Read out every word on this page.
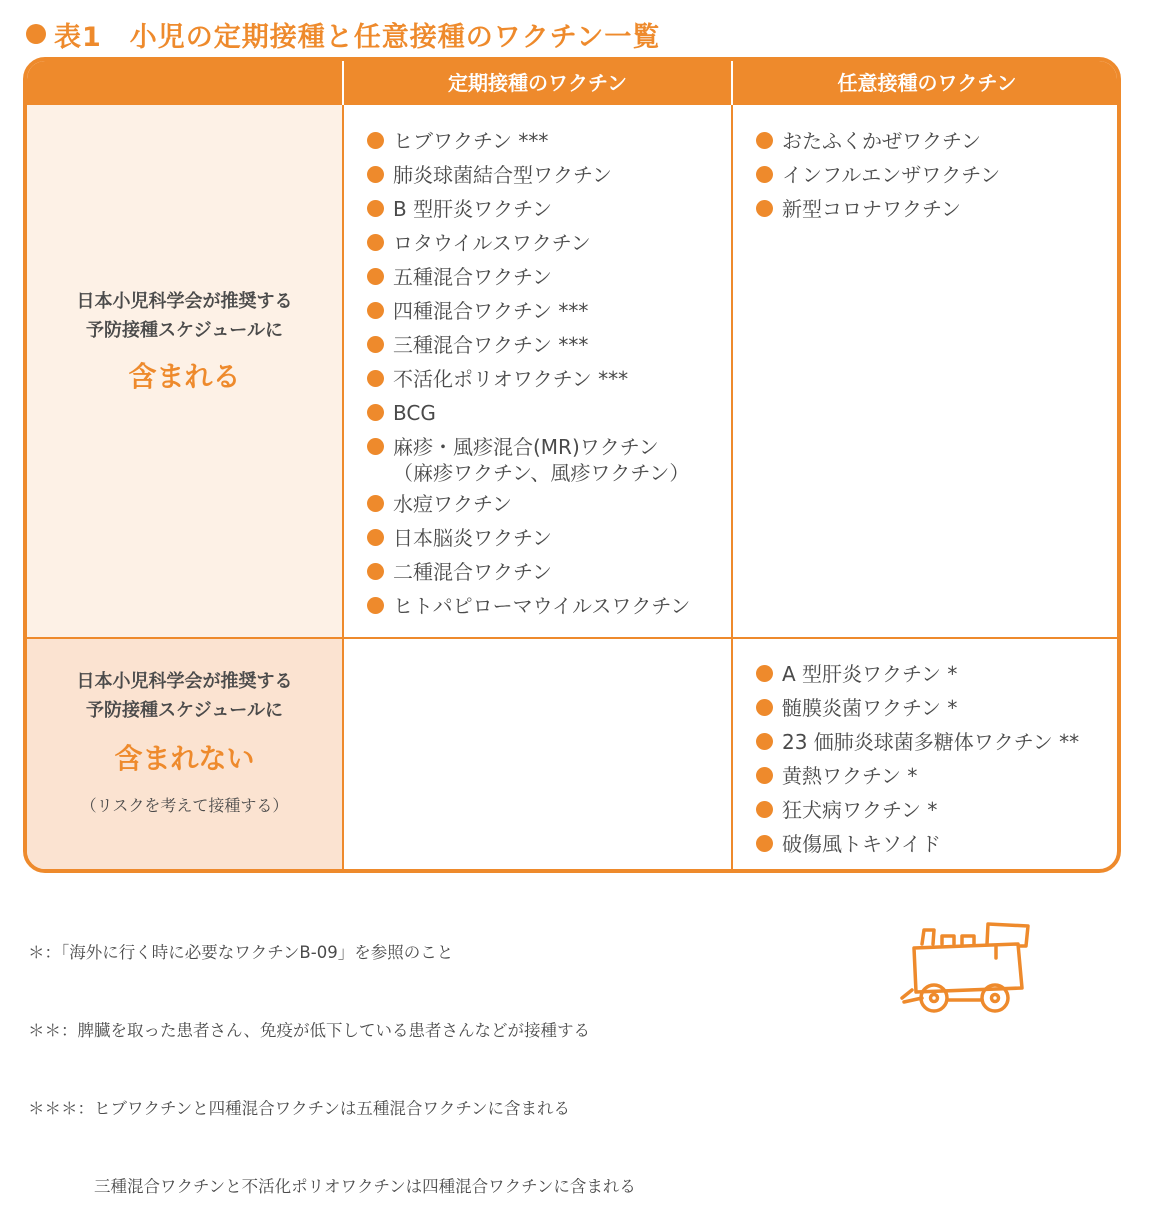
表1　小児の定期接種と任意接種のワクチン一覧
定期接種のワクチン	任意接種のワクチン
日本小児科学会が推奨する
予防接種スケジュールに
含まれる
日本小児科学会が推奨する
予防接種スケジュールに
含まれない
（リスクを考えて接種する）
ヒブワクチン ***
肺炎球菌結合型ワクチン
B 型肝炎ワクチン
ロタウイルスワクチン
五種混合ワクチン
四種混合ワクチン ***
三種混合ワクチン ***
不活化ポリオワクチン ***
BCG
麻疹・風疹混合(MR)ワクチン
（麻疹ワクチン、風疹ワクチン）
水痘ワクチン
日本脳炎ワクチン
二種混合ワクチン
ヒトパピローマウイルスワクチン
おたふくかぜワクチン
インフルエンザワクチン
新型コロナワクチン
A 型肝炎ワクチン *
髄膜炎菌ワクチン *
23 価肺炎球菌多糖体ワクチン **
黄熱ワクチン *
狂犬病ワクチン *
破傷風トキソイド

＊：「海外に行く時に必要なワクチンB-09」を参照のこと

＊＊：脾臓を取った患者さん、免疫が低下している患者さんなどが接種する

＊＊＊：ヒブワクチンと四種混合ワクチンは五種混合ワクチンに含まれる

　　　　三種混合ワクチンと不活化ポリオワクチンは四種混合ワクチンに含まれる
